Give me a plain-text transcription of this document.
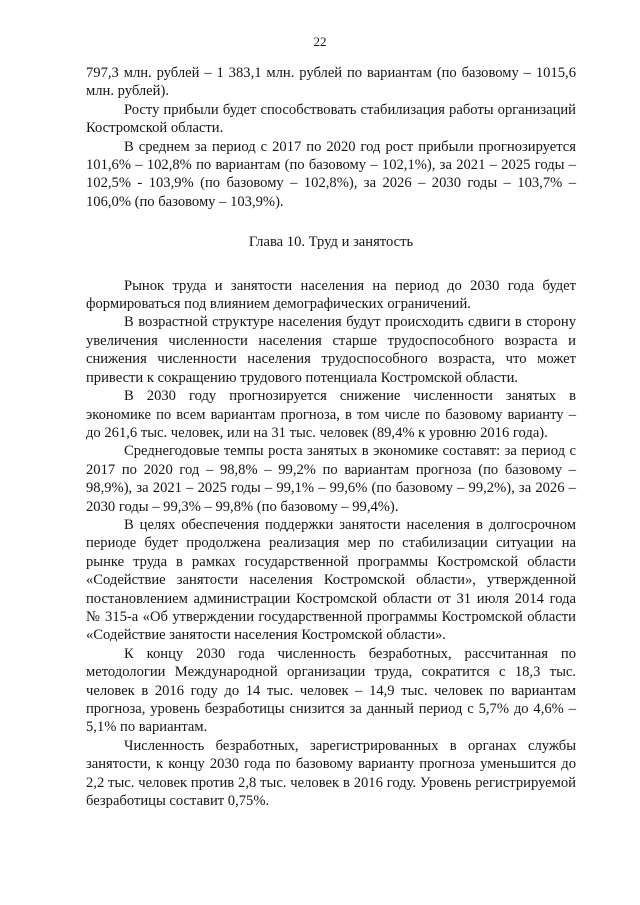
22

797,3 млн. рублей – 1 383,1 млн. рублей по вариантам (по базовому – 1015,6 млн. рублей).

Росту прибыли будет способствовать стабилизация работы организаций Костромской области.

В среднем за период с 2017 по 2020 год рост прибыли прогнозируется 101,6% – 102,8% по вариантам (по базовому – 102,1%), за 2021 – 2025 годы – 102,5% - 103,9% (по базовому – 102,8%), за 2026 – 2030 годы – 103,7% – 106,0% (по базовому – 103,9%).

Глава 10. Труд и занятость

Рынок труда и занятости населения на период до 2030 года будет формироваться под влиянием демографических ограничений.

В возрастной структуре населения будут происходить сдвиги в сторону увеличения численности населения старше трудоспособного возраста и снижения численности населения трудоспособного возраста, что может привести к сокращению трудового потенциала Костромской области.

В 2030 году прогнозируется снижение численности занятых в экономике по всем вариантам прогноза, в том числе по базовому варианту – до 261,6 тыс. человек, или на 31 тыс. человек (89,4% к уровню 2016 года).

Среднегодовые темпы роста занятых в экономике составят: за период с 2017 по 2020 год – 98,8% – 99,2% по вариантам прогноза (по базовому – 98,9%), за 2021 – 2025 годы – 99,1% – 99,6% (по базовому – 99,2%), за 2026 – 2030 годы – 99,3% – 99,8% (по базовому – 99,4%).

В целях обеспечения поддержки занятости населения в долгосрочном периоде будет продолжена реализация мер по стабилизации ситуации на рынке труда в рамках государственной программы Костромской области «Содействие занятости населения Костромской области», утвержденной постановлением администрации Костромской области от 31 июля 2014 года № 315-а «Об утверждении государственной программы Костромской области «Содействие занятости населения Костромской области».

К концу 2030 года численность безработных, рассчитанная по методологии Международной организации труда, сократится с 18,3 тыс. человек в 2016 году до 14 тыс. человек – 14,9 тыс. человек по вариантам прогноза, уровень безработицы снизится за данный период с 5,7% до 4,6% – 5,1% по вариантам.

Численность безработных, зарегистрированных в органах службы занятости, к концу 2030 года по базовому варианту прогноза уменьшится до 2,2 тыс. человек против 2,8 тыс. человек в 2016 году. Уровень регистрируемой безработицы составит 0,75%.
